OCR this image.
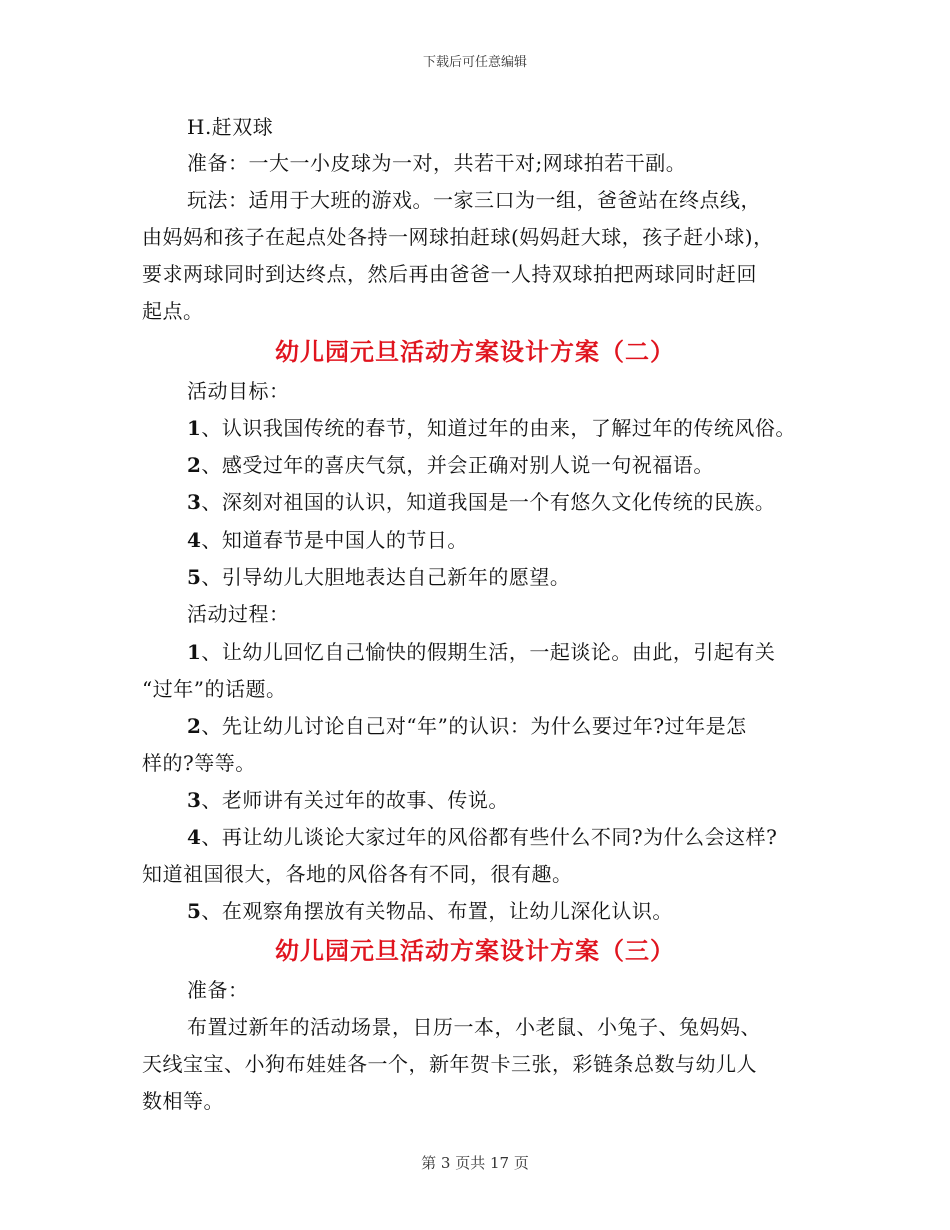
下载后可任意编辑
H.赶双球
准备：一大一小皮球为一对，共若干对;网球拍若干副。
玩法：适用于大班的游戏。一家三口为一组，爸爸站在终点线，
由妈妈和孩子在起点处各持一网球拍赶球(妈妈赶大球，孩子赶小球)，
要求两球同时到达终点，然后再由爸爸一人持双球拍把两球同时赶回
起点。
幼儿园元旦活动方案设计方案（二）
活动目标：
1、认识我国传统的春节，知道过年的由来，了解过年的传统风俗。
2、感受过年的喜庆气氛，并会正确对别人说一句祝福语。
3、深刻对祖国的认识，知道我国是一个有悠久文化传统的民族。
4、知道春节是中国人的节日。
5、引导幼儿大胆地表达自己新年的愿望。
活动过程：
1、让幼儿回忆自己愉快的假期生活，一起谈论。由此，引起有关
“过年”的话题。
2、先让幼儿讨论自己对“年”的认识：为什么要过年?过年是怎
样的?等等。
3、老师讲有关过年的故事、传说。
4、再让幼儿谈论大家过年的风俗都有些什么不同?为什么会这样?
知道祖国很大，各地的风俗各有不同，很有趣。
5、在观察角摆放有关物品、布置，让幼儿深化认识。
幼儿园元旦活动方案设计方案（三）
准备：
布置过新年的活动场景，日历一本，小老鼠、小兔子、兔妈妈、
天线宝宝、小狗布娃娃各一个，新年贺卡三张，彩链条总数与幼儿人
数相等。
第 3 页共 17 页
